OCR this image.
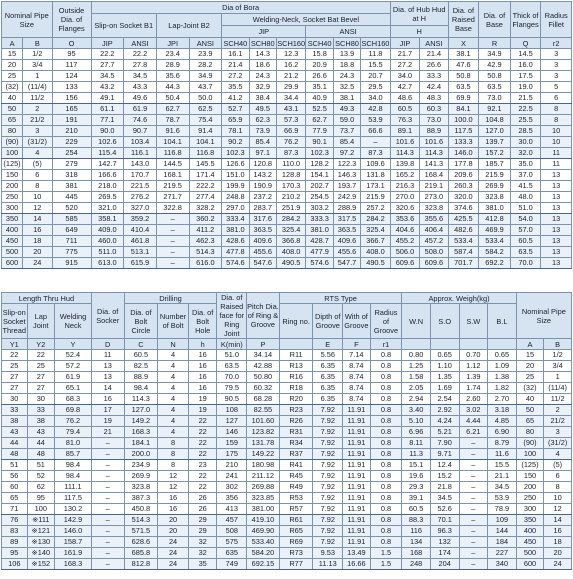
Nominal Pipe Size		Outside Dia. of Flanges	Dia of Bora										Dia. of Hub Hud at H		Dia. of Raised Base	Dia. of Base	Thick of Flanges	Radius Fillet
			Slip-on Socket B1		Lap-Joint B2		Welding-Neck, Socket Bat Bevel											
							JIP			ANSI			H					
A	B	O	JIP	ANSI	JPI	ANSI	SCH40	SCH80	SCH160	SCH40	SCH80	SCH160	JIP	ANSI	X	R	Q	r2
15	1/2	95	22.2	22.2	23.4	23.9	16.1	14.3	12.3	15.8	13.9	11.8	21.7	21.4	38.1	34.9	14.5	3
20	3/4	117	27.7	27.8	28.9	28.2	21.4	18.6	16.2	20.9	18.8	15.5	27.2	26.6	47.6	42.9	16.0	3
25	1	124	34.5	34.5	35.6	34.9	27.2	24.3	21.2	26.6	24.3	20.7	34.0	33.3	50.8	50.8	17.5	3
(32)	(11/4)	133	43.2	43.3	44.3	43.7	35.5	32.9	29.9	35.1	32.5	29.5	42.7	42.4	63.5	63.5	19.0	5
40	11/2	156	49.1	49.6	50.4	50.0	41.2	38.4	34.4	40.9	38.1	34.0	48.6	48.3	69.9	73.0	21.5	6
50	2	165	61.1	61.9	62.7	62.5	52.7	49.5	43.1	52.5	49.3	42.8	60.5	60.3	84.1	92.1	22.5	8
65	21/2	191	77.1	74.6	78.7	75.4	65.9	62.3	57.3	62.7	59.0	53.9	76.3	73.0	100.0	104.8	25.5	8
80	3	210	90.0	90.7	91.6	91.4	78.1	73.9	66.9	77.9	73.7	66.6	89.1	88.9	117.5	127.0	28.5	10
(90)	(31/2)	229	102.6	103.4	104.1	104.1	90.2	85.4	76.2	90.1	85.4	–	101.6	101.6	133.3	139.7	30.0	10
100	4	254	115.4	116.1	116.8	116.8	102.3	97.1	87.3	102.3	97.2	87.3	114.3	114.3	146.0	157.2	32.0	11
(125)	(5)	279	142.7	143.0	144.5	145.5	126.6	120.8	110.0	128.2	122.3	109.6	139.8	141.3	177.8	185.7	35.0	11
150	6	318	166.6	170.7	168.1	171.4	151.0	143.2	128.8	154.1	146.3	131.8	165.2	168.4	209.6	215.9	37.0	13
200	8	381	218.0	221.5	219.5	222.2	199.9	190.9	170.3	202.7	193.7	173.1	216.3	219.1	260.3	269.9	41.5	13
250	10	445	269.5	276.2	271.7	277.4	248.8	237.2	210.2	254.5	242.9	215.9	270.0	273.0	320.0	323.8	48.0	13
300	12	520	321.0	327.0	322.8	328.2	297.0	283.7	251.9	303.2	288.9	257.2	320.6	323.8	374.6	381.0	51.0	13
350	14	585	358.1	359.2	–	360.2	333.4	317.6	284.2	333.3	317.5	284.2	353.6	355.6	425.5	412.8	54.0	13
400	16	649	409.0	410.4	–	411.2	381.0	363.5	325.4	381.0	363.5	325.4	404.6	406.4	482.6	469.9	57.0	13
450	18	711	460.0	461.8	–	462.3	428.6	409.6	366.8	428.7	409.6	366.7	455.2	457.2	533.4	533.4	60.5	13
500	20	775	511.0	513.1	–	514.3	477.8	455.6	408.0	477.9	455.6	408.0	506.0	508.0	587.4	584.2	63.5	13
600	24	915	613.0	615.9	–	616.0	574.6	547.6	490.5	574.6	547.7	490.5	609.6	609.6	701.7	692.2	70.0	13
Length Thru Hud			Dia. of Socker	Drilling			Dia. of Raised face for Ring Joint	Pitch Dia. of Ring & Groove	RTS Type				Approx. Weigh(kg)				Nominal Pipe Size	
Slip-on Socket Thread	Lap Joint	Welding Neck		Dia. of Bolt Circle	Number of Bolt	Dia. of Bolt Hole			Ring no.	Dipth of Groove	With of Groove	Radius of Groove	W.N	S.O	S.W	B.L		

Y1	Y2	Y	D	C	N	h	K(min)	P		E	F	r1					A	B
22	22	52.4	11	60.5	4	16	51.0	34.14	R11	5.56	7.14	0.8	0.80	0.65	0.70	0.65	15	1/2
25	25	57.2	13	82.5	4	16	63.5	42.88	R13	6.35	8.74	0.8	1.25	1.10	1.12	1.09	20	3/4
27	27	61.9	13	88.9	4	16	70.0	50.80	R16	6.35	8.74	0.8	1.58	1.35	1.39	1.38	25	1
27	27	65.1	14	98.4	4	16	79.5	60.32	R18	6.35	8.74	0.8	2.05	1.69	1.74	1.82	(32)	(11/4)
30	30	68.3	16	114.3	4	19	90.5	68.28	R20	6.35	8.74	0.8	2.94	2.54	2.60	2.70	40	11/2
33	33	69.8	17	127.0	4	19	108	82.55	R23	7.92	11.91	0.8	3.40	2.92	3.02	3.18	50	2
38	38	76.2	19	149.2	4	22	127	101.60	R26	7.92	11.91	0.8	5.10	4.24	4.44	4.85	65	21/2
43	43	79.4	21	168.3	4	22	146	123.82	R31	7.92	11.91	0.8	6.96	5.21	6.21	6.90	80	3
44	44	81.0	–	184.1	8	22	159	131.78	R34	7.92	11.91	0.8	8.11	7.90	–	8.79	(90)	(31/2)
48	48	85.7	–	200.0	8	22	175	149.22	R37	7.92	11.91	0.8	11.3	9.71	–	11.6	100	4
51	51	98.4	–	234.9	8	23	210	180.98	R41	7.92	11.91	0.8	15.1	12.4	–	15.5	(125)	(5)
56	52	98.4	–	269.9	12	22	241	211.12	R45	7.92	11.91	0.8	19.6	15.2	–	21.1	150	6
60	62	111.1	–	323.8	12	22	302	269.88	R49	7.92	11.91	0.8	29.3	21.8	–	34.5	200	8
65	95	117.5	–	387.3	16	26	356	323.85	R53	7.92	11.91	0.8	39.1	34.5	–	53.9	250	10
71	100	130.2	–	450.8	16	26	413	381.00	R57	7.92	11.91	0.8	60.5	52.6	–	78.9	300	12
76	※111	142.9	–	514.3	20	29	457	419.10	R61	7.92	11.91	0.8	88.3	70.1	–	109	350	14
83	※121	146.0	–	571.5	20	29	508	469.90	R65	7.92	11.91	0.8	116	96.3	–	144	400	16
89	※130	158.7	–	628.6	24	32	575	533.40	R69	7.92	11.91	0.8	134	132	–	184	450	18
95	※140	161.9	–	685.8	24	32	635	584.20	R73	9.53	13.49	1.5	168	174	–	227	500	20
106	※152	168.3	–	812.8	24	35	749	692.15	R77	11.13	16.66	1.5	248	204	–	340	600	24
